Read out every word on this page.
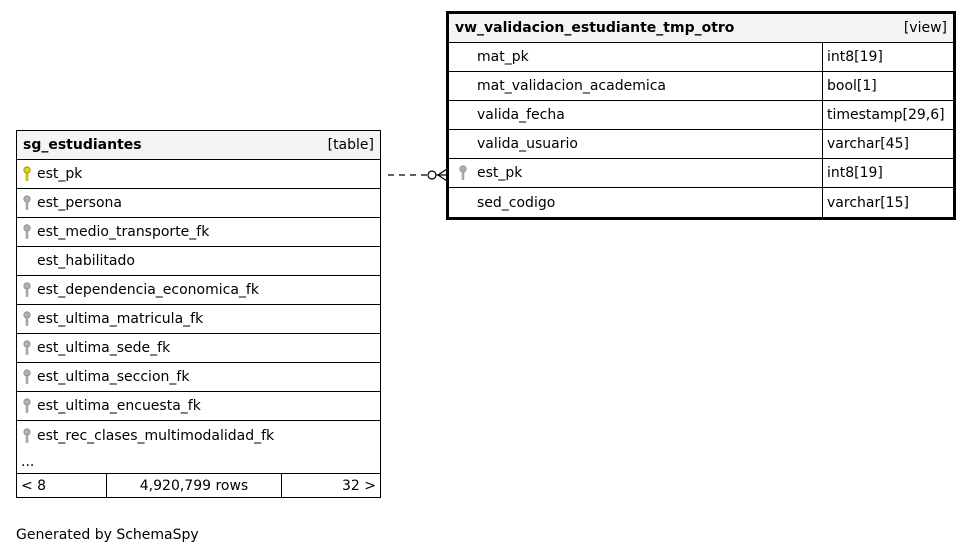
sg_estudiantes	[table]
est_pk
est_persona
est_medio_transporte_fk
est_habilitado
est_dependencia_economica_fk
est_ultima_matricula_fk
est_ultima_sede_fk
est_ultima_seccion_fk
est_ultima_encuesta_fk
est_rec_clases_multimodalidad_fk
...
< 8	4,920,799 rows	32 >
vw_validacion_estudiante_tmp_otro	[view]
mat_pk	int8[19]
mat_validacion_academica	bool[1]
valida_fecha	timestamp[29,6]
valida_usuario	varchar[45]
est_pk	int8[19]
sed_codigo	varchar[15]
Generated by SchemaSpy
